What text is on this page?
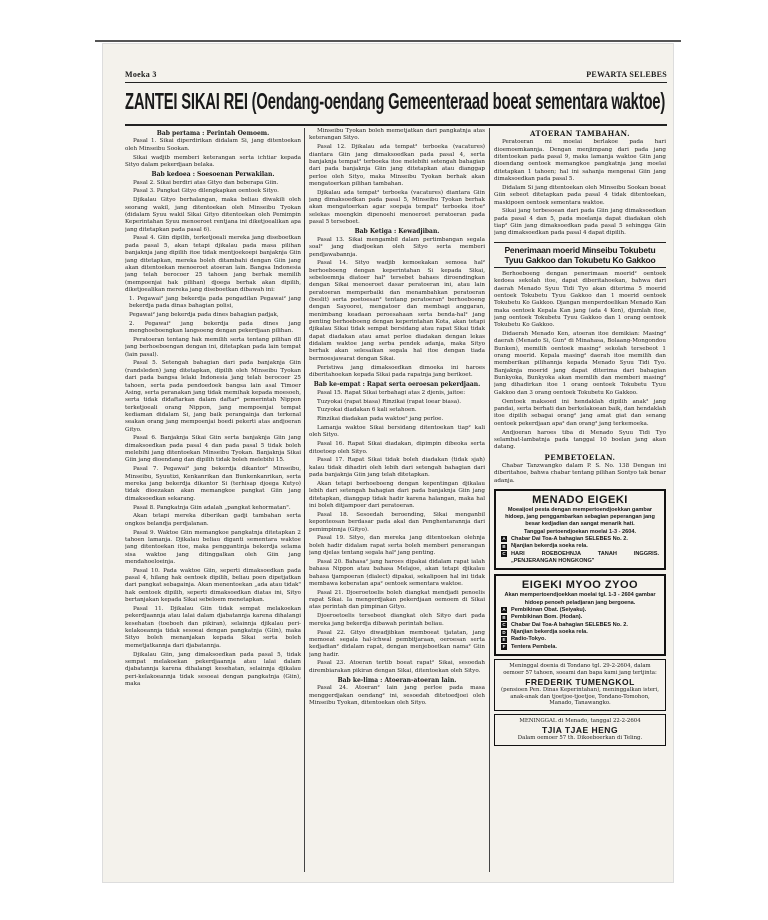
Moeka 3	PEWARTA SELEBES
ZANTEI SIKAI REI (Oendang-oendang Gemeenteraad boeat sementara waktoe)

Bab pertama : Perintah Oemoem.

Pasal 1. Sikai diperdirikan didalam Si, jang ditentoekan oleh Minseibu Sookan.

Sikai wadjib memberi keterangan serta ichtiar kepada Sityo dalam pekerdjaan belaka.

Bab kedoea : Soesoenan Perwakilan.

Pasal 2. Sikai berdiri atas Gityo dan beberapa Giin.

Pasal 3. Pangkat Gityo dilengkapkan oentoek Sityo.

Djikalau Gityo berhalangan, maka beliau diwakili oleh seorang wakil, jang ditentoekan oleh Minseibu Tyokan (didalam Syuu wakil Sikai Gityo ditentoekan oleh Pemimpin Keperintahan Syuu menoeroet rentjana ini diketjoealikan apa jang ditetapkan pada pasal 6).

Pasal 4. Giin dipilih, terketjoeali mereka jang diseboetkan pada pasal 5, akan tetapi djikalau pada masa pilihan banjaknja jang dipilih itoe tidak mentjoekoepi banjaknja Giin jang ditetapkan, mereka boleh ditambahi dengan Giin jang akan ditentoekan menoeroet atoeran lain. Bangsa Indonesia jang telah berocoer 25 tahoen jang berhak memilih (mempoenjai hak pilihan) djoega berhak akan dipilih, diketjoealikan mereka jang diseboetkan dibawah ini:

1. Pegawai² jang bekerdja pada pengadilan Pegawai² jang bekerdja pada dinas bahagian polisi,

Pegawai² jang bekerdja pada dines bahagian padjak,

2. Pegawai² jang bekerdja pada dines jang menghoeboengkan langsoeng dengan pekerdjaan pilihan.

Peratoeran tentang hak memilih serta tentang pilihan dll jang berhoeboengan dengan ini, ditetapkan pada lain tempat (lain pasal).

Pasal 5. Setengah bahagian dari pada banjaknja Giin (randsleden) jang ditetapkan, dipilih oleh Minseibu Tyokan dari pada bangsa lelaki Indonesia jang telah berocoer 25 tahoen, serta pada pendoedoek bangsa lain asal Timoer Asing, serta peranakan jang tidak memihak kepada moesoeh, serta tidak didaftarkan dalam daftar² pemerintah Nippon terketjoeali orang Nippon, jang mempoenjai tempat kediaman didalam Si, jang baik perangainja dan terkenal seakan orang jang mempoenjai boedi pekerti atas andjoeran Gityo.

Pasal 6. Banjaknja Sikai Giin serta banjaknja Giin jang dimaksoedkan pada pasal 4 dan pada pasal 5 tidak boleh melebihi jang ditentoekan Minseibu Tyokan. Banjaknja Sikai Giin jang dioendang dan dipilih tidak boleh melebihi 15.

Pasal 7. Pegawai² jang bekerdja dikantor² Minseibu, Minseibu, Syuutizi, Kenkanrikan dan Bunkenkanrikan, serta mereka jang bekerdja dikantor Si (terhisap djoega Kutyo) tidak dioezakan akan memangkoe pangkat Giin jang dimaksoedkan sekarang.

Pasal 8. Pangkatnja Giin adalah „pangkat kehormatan".

Akan tetapi mereka diberikan gadji tambahan serta ongkos belandja perdjalanan.

Pasal 9. Waktoe Giin memangkoe pangkatnja ditetapkan 2 tahoen lamanja. Djikalau beliau diganti sementara waktoe jang ditentoekan itoe, maka penggantinja bekerdja selama sisa waktoe jang ditinggalkan oleh Giin jang mendahoeloeinja.

Pasal 10. Pada waktoe Giin, seperti dimaksoedkan pada pasal 4, hilang hak oentoek dipilih, beliau poen dipetjatkan dari pangkat sebagainja. Akan menentoekan „ada atau tidak" hak oentoek dipilih, seperti dimaksoedkan diatas ini, Sityo bertanjakan kepada Sikai sebeloem menetapkan.

Pasal 11. Djikalau Giin tidak sempat melakoekan pekerdjaannja atau lalai dalam djabatannja karena dihalangi kesehatan (toeboeh dan pikiran), selainnja djikalau peri-kelakoeannja tidak sesoeai dengan pangkatnja (Giin), maka Sityo boleh menanjakan kepada Sikai serta boleh memetjatkannja dari djabatannja.

Djikalau Giin, jang dimaksoedkan pada pasal 5, tidak sempat melakoekan pekerdjaannja atau lalai dalam djabatannja karena dihalangi kesehatan, selainnja djikalau peri-kelakoeannja tidak sesoeai dengan pangkatnja (Giin), maka

Minseibu Tyokan boleh memetjatkan dari pangkatnja atas keterangan Sityo.

Pasal 12. Djikalau ada tempat² terboeka (vacatures) diantara Giin jang dimaksoedkan pada pasal 4, serta banjaknja tempat² terboeka itoe melebihi setengah bahagian dari pada banjaknja Giin jang ditetapkan atau dianggap perloe oleh Sityo, maka Minseibu Tyokan berhak akan mengatoerkan pilihan tambahan.

Djikalau ada tempat² terboeka (vacatures) diantara Giin jang dimaksoedkan pada pasal 5, Minseibu Tyokan berhak akan mengatoerkan agar soepaja tempat² terboeka itoe² selekas moengkin dipenoehi menoeroet peratoeran pada pasal 5 terseboet.

Bab Ketiga : Kewadjiban.

Pasal 13. Sikai mengambil dalam pertimbangan segala soal² jang diadjoekan oleh Sityo serta memberi pendjawabannja.

Pasal 14. Sityo wadjib kemoekakan semoea hal² berhoeboeng dengan keperintahan Si kepada Sikai, sebeloemnja diatoer hal² tersebet bahaes diroendingkan dengan Sikai menoeroet dasar peratoeran ini, atau lain peratoeran memperbaiki dan menambahkan peratoeran (beslit) serta poetoesan² tentang peratoeran² berhoeboeng dengan Sayoorei, mengatoer dan membagi anggaran, menimbang keadaan peroesahaan serta benda-hal² jang penting berhoeboeng dengan keperintahan Kota, akan tetapi djikalau Sikai tidak sempat bersidang atau rapat Sikai tidak dapat diadakan atau amat perloe diadakan dengan lekas didalam waktoe jang serba pendek adanja, maka Sityo berhak akan selesaikan segala hal itoe dengan tiada bermoesjawarat dengan Sikai.

Peristiwa jang dimaksoedkan dimoeka ini haroes diberitahoekan kepada Sikai pada rapatnja jang berikoet.

Bab ke-empat : Rapat serta oeroesan pekerdjaan.

Pasal 15. Rapat Sikai terbahagi atas 2 djenis, jaitoe:

Tuzyokai (rapat biasa) Rinzikai (rapat loear biasa).

Tuzyokai diadakan 6 kali setahoen.

Rinzikai diadakan pada waktoe² jang perloe.

Lamanja waktoe Sikai bersidang ditentoekan tiap² kali oleh Sityo.

Pasal 16. Rapat Sikai diadakan, dipimpin dibeoka serta ditoetoep oleh Sityo.

Pasal 17. Rapat Sikai tidak boleh diadakan (tidak sjah) kalau tidak dihadiri oleh lebih dari setengah bahagian dari pada banjaknja Giin jang telah ditetapkan.

Akan tetapi berhoeboeng dengan kepentingan djikalau lebih dari setengah bahagian dari pada banjaknja Giin jang ditetapkan, dianggap tidak hadir karena halangan, maka hal ini boleh ditjampoer dari peratoeran.

Pasal 18. Sesoedah beroending, Sikai menganbil keponteosan berdasar pada akal dan Penghentarannja dari pemimpinnja (Gityo).

Pasal 19. Sityo, dan mereka jang ditentoekan olehnja boleh hadir didalam rapat serta boleh memberi penerangan jang djelas tentang segala hal² jang penting.

Pasal 20. Bahasa² jang haroes dipakai didalam rapat ialah bahasa Nippon atau bahasa Melajoe, akan tetapi djikalau bahasa tjampoeran (dialect) dipakai, sekalipoen hal ini tidak membawa keberatan apa² oentoek sementara waktoe.

Pasal 21. Djoeroetoelis boleh diangkat mendjadi penoelis rapat Sikai. Ia mengerdjakan pekerdjaan oemoem di Sikai atas perintah dan pimpinan Gityo.

Djoeroetoelis tersebeot diangkat oleh Sityo dari pada mereka jang bekerdja dibawah perintah beliau.

Pasal 22. Gityo diwadjibkan memboeat tjatatan, jang memoeat segala hal-ichwal pembitjaraan, oeroesan serta kedjadian² didalam rapat, dengan menjeboetkan nama² Giin jang hadir.

Pasal 23. Atoeran tertib boeat rapat² Sikai, sesoedah dirembiarakan pikiran dengan Sikai, ditentoekan oleh Sityo.

Bab ke-lima : Atoeran-atoeran lain.

Pasal 24. Atoeran² lain jang perloe pada masa menggerdjakan oendang² ini, sesoedah ditetoedjoei oleh Minseibu Tyokan, ditentoekan oleh Sityo.

ATOERAN TAMBAHAN.

Peratoeran mi moelai berlakoe pada hari dioemoemkannja. Dengan menjimpang dari pada jang ditentoekan pada pasal 9, maka lamanja waktoe Giin jang dioendang oentoek memangkoe pangkatnja jang moelai ditetapkan 1 tahoen; hal ini sahanja mengenai Giin jang dimaksoedkan pada pasal 5.

Didalam Si jang ditentoekan oleh Minseibu Sookan boeat Giin sebeot ditetapkan pada pasal 4 tidak ditentoekan, maskipoen oentoek sementara waktoe.

Sikai jang terbesoean dari pada Giin jang dimaksoedkan pada pasal 4 dan 5, pada moelanja dapat diadakan oleh tiap² Giin jang dimaksoedkan pada pasal 5 sehingga Giin jang dimaksoedkan pada pasal 4 dapat dipilih.

Penerimaan moerid Minseibu Tokubetu Tyuu Gakkoo dan Tokubetu Ko Gakkoo

Berhoeboeng dengan penerimaan moerid² oentoek kedoea sekolah itoe, dapat diberitahoekan, bahwa dari daerah Menado Syuu Tidi Tyo akan diterima 5 moerid oentoek Tokubetu Tyuu Gakkoo dan 1 moerid oentoek Tokubetu Ko Gakkoo. Djangan menperdoelikan Menado Kan maka oentoek Kepala Kan jang (ada 4 Ken), djumlah itoe, jang oentoek Tokubetu Tyuu Gakkoo dan 1 orang oentoek Tokubetu Ko Gakkoo.

Didaerah Menado Ken, atoeran itoe demikian: Masing² daerah (Menado Si, Gun² di Minahasa, Bolaang-Mongondou Bunken), memilih oentoek masing² sekolah tersebeot 1 orang moerid. Kepala masing² daerah itoe memilih dan memberikan pilihannja kepada Menado Syuu Tidi Tyo. Banjaknja moerid jang dapat diterima dari bahagian Bunkyoka, Bunkyoka akan memilih dan memberi masing² jang dihadirkan itoe 1 orang oentoek Tokubetu Tyuu Gakkoo dan 3 orang oentoek Tokubetu Ko Gakkoo.

Oentoek maksoed ini hendaklah dipilih anak² jang pandai, serta berhati dan berkelakoean baik, dan hendaklah itoe dipilih sebagai orang² jang amat giat dan senang oentoek pekerdjaan apa² dan orang² jang terkemoeka.

Andjoeran haroes tiba di Menado Syuu Tidi Tyo selambat-lambatnja pada tanggal 10 boelan jang akan datang.

PEMBETOELAN.

Chabar Tanzwangko dalam P. S. No. 138 Dengan ini diberitahoe, bahwa chabar tentang pilihan Sontyo tak benar adanja.

MENADO EIGEKI
Moeaijoel pesta dengan mempertoendjoekkan gambar hidoep, jang penggambarkan sebagian peperangan jang besar kedjadian dan sangat menarik hati.
Tanggal pertoendjoekan moelai 1-3 - 2604.
A Chabar Dai Toa-A bahagian SELEBES No. 2.
B Njanjian bekerdja soeka rela.
C HARI ROEBOEHNJA TANAH INGGRIS. „PENJERANGAN HONGKONG"
EIGEKI MYOO ZYOO
Akan mempertoendjoekkan moelai tgl. 1-3 - 2604 gambar hidoep penoeh peladjaran jang bergoena.
A Pembikinan Obat. (Seiyaku).
B Pembikinan Bom. (Hodan).
C Chabar Dai Toa-A bahagian SELEBES No. 2.
D Njanjian bekerdja soeka rela.
E Radio-Tokyo.
F Tentera Pembela.
Meninggal doenia di Tondano tgl. 29-2-2604, dalam oemoer 57 tahoen, soeami dan bapa kami jang tertjinta:
FREDERIK TUMENGKOL
(pensioen Pen. Dinas Keperintahan), meninggalkan isteri, anak-anak dan tjoetjoe-tjoetjoe, Tondano-Tomohon, Manado, Tanawangko.
MENINGGAL di Menado, tanggal 22-2-2604
TJIA TJAE HENG
Dalam oemoer 57 th. Dikoeboerkan di Teling.
